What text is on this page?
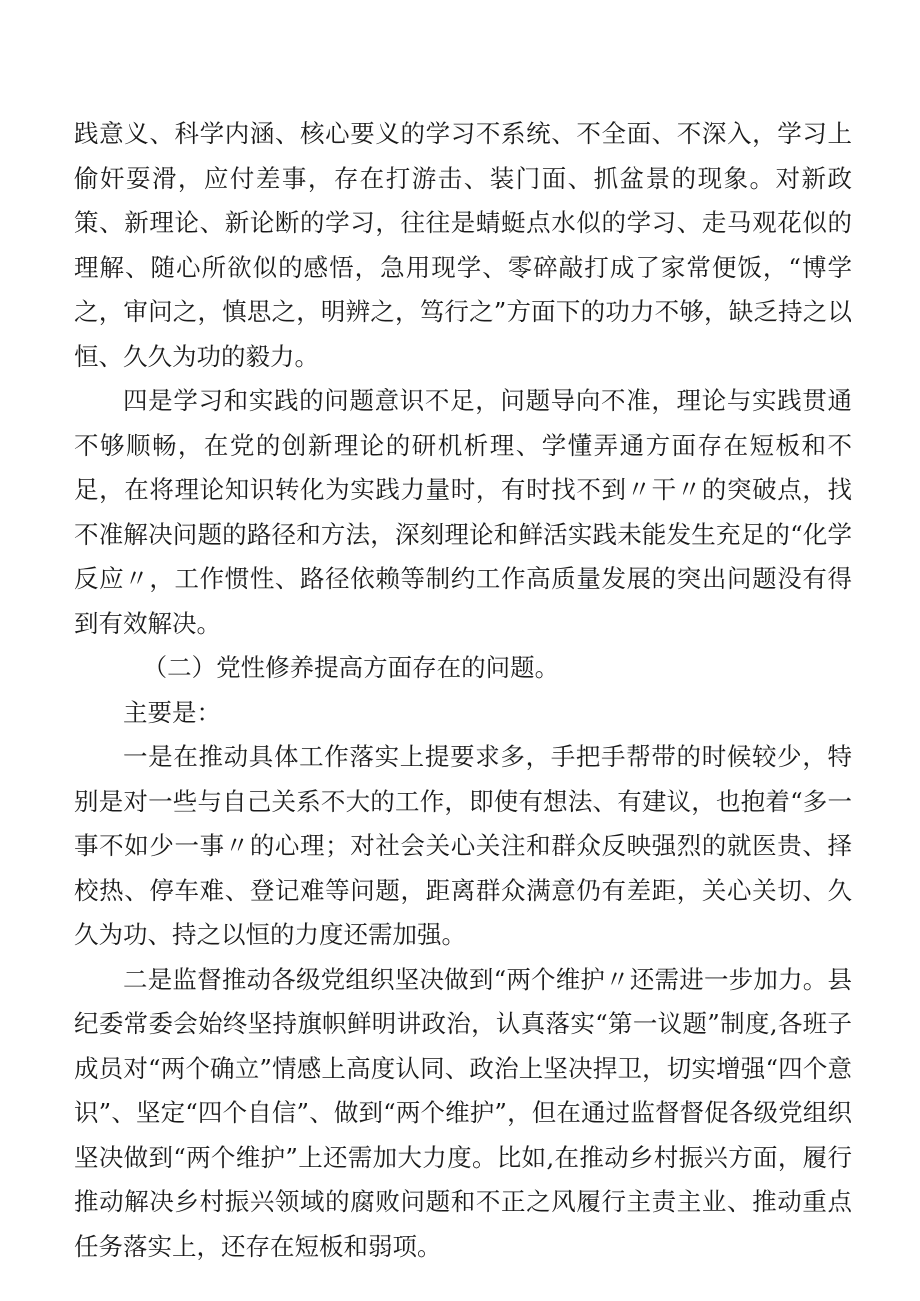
践意义、科学内涵、核心要义的学习不系统、不全面、不深入，学习上偷奸耍滑，应付差事，存在打游击、装门面、抓盆景的现象。对新政策、新理论、新论断的学习，往往是蜻蜓点水似的学习、走马观花似的理解、随心所欲似的感悟，急用现学、零碎敲打成了家常便饭，“博学之，审问之，慎思之，明辨之，笃行之”方面下的功力不够，缺乏持之以恒、久久为功的毅力。

四是学习和实践的问题意识不足，问题导向不准，理论与实践贯通不够顺畅，在党的创新理论的研机析理、学懂弄通方面存在短板和不足，在将理论知识转化为实践力量时，有时找不到〃干〃的突破点，找不准解决问题的路径和方法，深刻理论和鲜活实践未能发生充足的“化学反应〃，工作惯性、路径依赖等制约工作高质量发展的突出问题没有得到有效解决。

（二）党性修养提高方面存在的问题。

主要是：

一是在推动具体工作落实上提要求多，手把手帮带的时候较少，特别是对一些与自己关系不大的工作，即使有想法、有建议，也抱着“多一事不如少一事〃的心理；对社会关心关注和群众反映强烈的就医贵、择校热、停车难、登记难等问题，距离群众满意仍有差距，关心关切、久久为功、持之以恒的力度还需加强。

二是监督推动各级党组织坚决做到“两个维护〃还需进一步加力。县纪委常委会始终坚持旗帜鲜明讲政治，认真落实“第一议题”制度,各班子成员对“两个确立”情感上高度认同、政治上坚决捍卫，切实增强“四个意识”、坚定“四个自信”、做到“两个维护”，但在通过监督督促各级党组织坚决做到“两个维护”上还需加大力度。比如,在推动乡村振兴方面，履行推动解决乡村振兴领域的腐败问题和不正之风履行主责主业、推动重点任务落实上，还存在短板和弱项。
